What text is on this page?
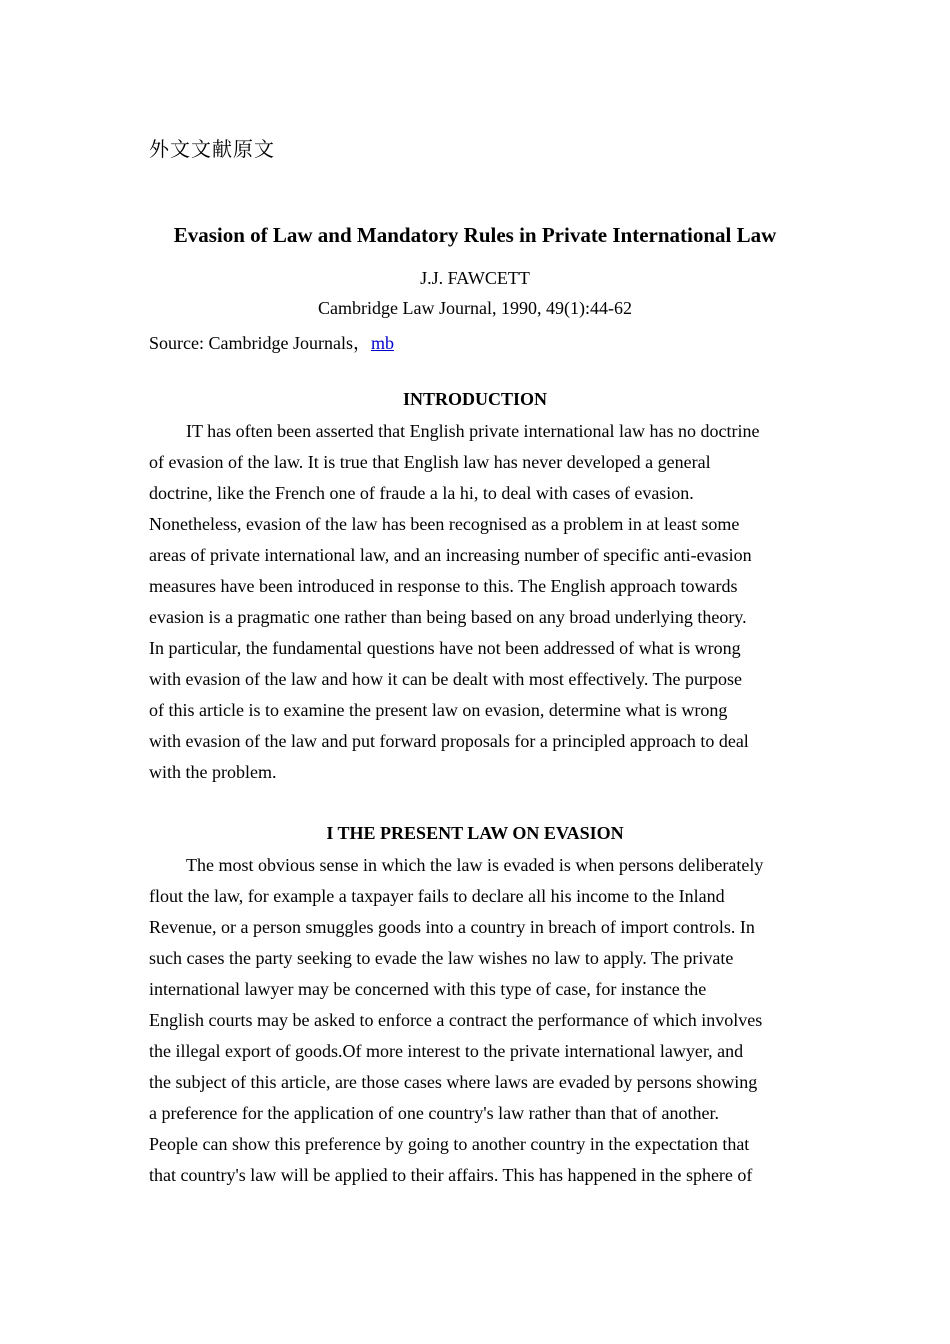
外文文献原文
Evasion of Law and Mandatory Rules in Private International Law

J.J. FAWCETT

Cambridge Law Journal, 1990, 49(1):44-62

Source: Cambridge Journals，mb

INTRODUCTION
IT has often been asserted that English private international law has no doctrine
of evasion of the law. It is true that English law has never developed a general
doctrine, like the French one of fraude a la hi, to deal with cases of evasion.
Nonetheless, evasion of the law has been recognised as a problem in at least some
areas of private international law, and an increasing number of specific anti-evasion
measures have been introduced in response to this. The English approach towards
evasion is a pragmatic one rather than being based on any broad underlying theory.
In particular, the fundamental questions have not been addressed of what is wrong
with evasion of the law and how it can be dealt with most effectively. The purpose
of this article is to examine the present law on evasion, determine what is wrong
with evasion of the law and put forward proposals for a principled approach to deal
with the problem.
I THE PRESENT LAW ON EVASION
The most obvious sense in which the law is evaded is when persons deliberately
flout the law, for example a taxpayer fails to declare all his income to the Inland
Revenue, or a person smuggles goods into a country in breach of import controls. In
such cases the party seeking to evade the law wishes no law to apply. The private
international lawyer may be concerned with this type of case, for instance the
English courts may be asked to enforce a contract the performance of which involves
the illegal export of goods.Of more interest to the private international lawyer, and
the subject of this article, are those cases where laws are evaded by persons showing
a preference for the application of one country's law rather than that of another.
People can show this preference by going to another country in the expectation that
that country's law will be applied to their affairs. This has happened in the sphere of
